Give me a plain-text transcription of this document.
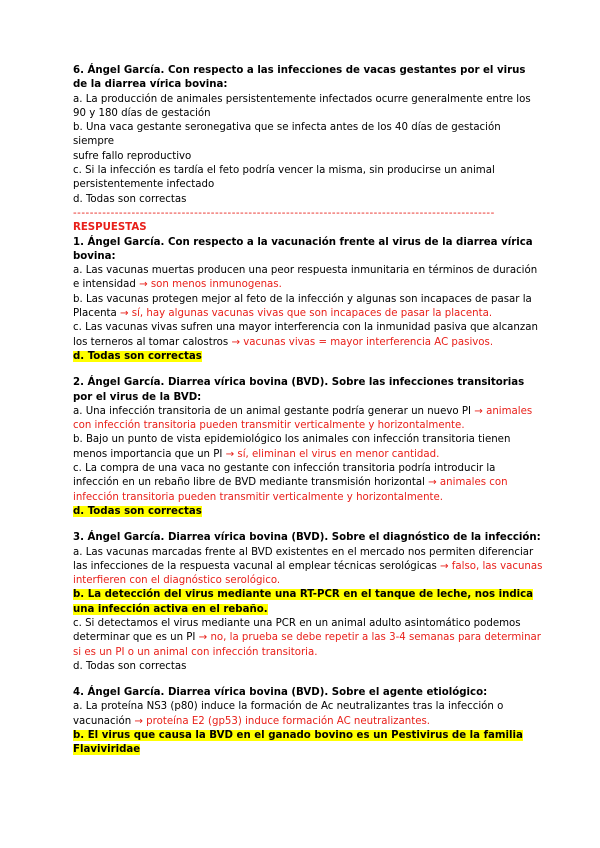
6. Ángel García. Con respecto a las infecciones de vacas gestantes por el virus de la diarrea vírica bovina:

a. La producción de animales persistentemente infectados ocurre generalmente entre los 90 y 180 días de gestación

b. Una vaca gestante seronegativa que se infecta antes de los 40 días de gestación siempre

sufre fallo reproductivo

c. Si la infección es tardía el feto podría vencer la misma, sin producirse un animal persistentemente infectado

d. Todas son correctas

-----------------------------------------------------------------------------------------------------

RESPUESTAS

1. Ángel García. Con respecto a la vacunación frente al virus de la diarrea vírica bovina:

a. Las vacunas muertas producen una peor respuesta inmunitaria en términos de duración e intensidad → son menos inmunogenas.

b. Las vacunas protegen mejor al feto de la infección y algunas son incapaces de pasar la Placenta → sí, hay algunas vacunas vivas que son incapaces de pasar la placenta.

c. Las vacunas vivas sufren una mayor interferencia con la inmunidad pasiva que alcanzan los terneros al tomar calostros → vacunas vivas = mayor interferencia AC pasivos.

d. Todas son correctas

2. Ángel García. Diarrea vírica bovina (BVD). Sobre las infecciones transitorias por el virus de la BVD:

a. Una infección transitoria de un animal gestante podría generar un nuevo PI → animales con infección transitoria pueden transmitir verticalmente y horizontalmente.

b. Bajo un punto de vista epidemiológico los animales con infección transitoria tienen menos importancia que un PI → sí, eliminan el virus en menor cantidad.

c. La compra de una vaca no gestante con infección transitoria podría introducir la infección en un rebaño libre de BVD mediante transmisión horizontal → animales con infección transitoria pueden transmitir verticalmente y horizontalmente.

d. Todas son correctas

3. Ángel García. Diarrea vírica bovina (BVD). Sobre el diagnóstico de la infección:

a. Las vacunas marcadas frente al BVD existentes en el mercado nos permiten diferenciar las infecciones de la respuesta vacunal al emplear técnicas serológicas → falso, las vacunas interfieren con el diagnóstico serológico.

b. La detección del virus mediante una RT-PCR en el tanque de leche, nos indica una infección activa en el rebaño.

c. Si detectamos el virus mediante una PCR en un animal adulto asintomático podemos determinar que es un PI → no, la prueba se debe repetir a las 3-4 semanas para determinar si es un PI o un animal con infección transitoria.

d. Todas son correctas

4. Ángel García. Diarrea vírica bovina (BVD). Sobre el agente etiológico:

a. La proteína NS3 (p80) induce la formación de Ac neutralizantes tras la infección o vacunación → proteína E2 (gp53) induce formación AC neutralizantes.

b. El virus que causa la BVD en el ganado bovino es un Pestivirus de la familia Flaviviridae
